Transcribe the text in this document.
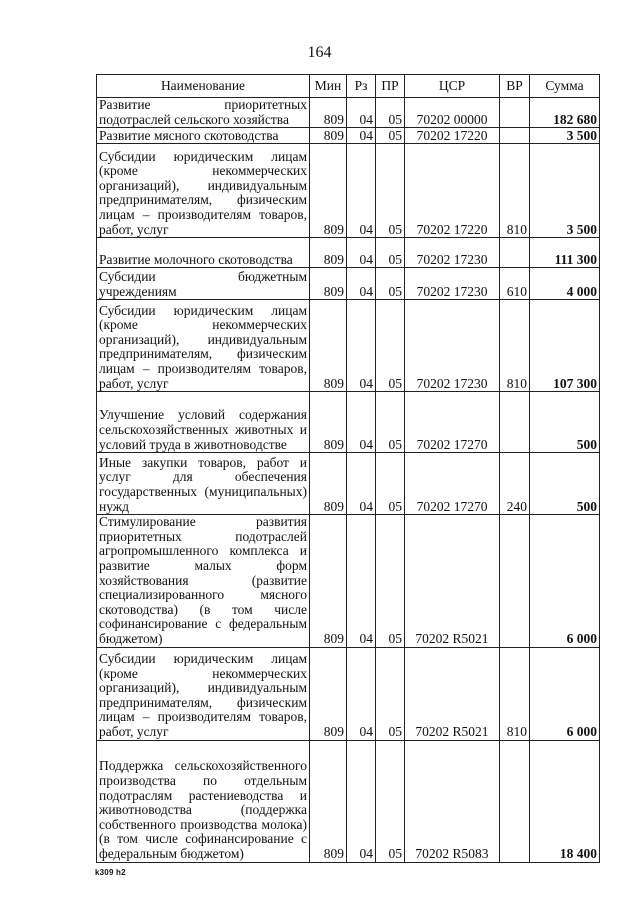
164
Наименование	Мин	Рз	ПР	ЦСР	ВР	Сумма
Развитие приоритетных подотраслей сельского хозяйства	809	04	05	70202 00000		182 680
Развитие мясного скотоводства	809	04	05	70202 17220		3 500
Субсидии юридическим лицам (кроме некоммерческих организаций), индивидуальным предпринимателям, физическим лицам – производителям товаров, работ, услуг	809	04	05	70202 17220	810	3 500
Развитие молочного скотоводства	809	04	05	70202 17230		111 300
Субсидии бюджетным учреждениям	809	04	05	70202 17230	610	4 000
Субсидии юридическим лицам (кроме некоммерческих организаций), индивидуальным предпринимателям, физическим лицам – производителям товаров, работ, услуг	809	04	05	70202 17230	810	107 300
Улучшение условий содержания сельскохозяйственных животных и условий труда в животноводстве	809	04	05	70202 17270		500
Иные закупки товаров, работ и услуг для обеспечения государственных (муниципальных) нужд	809	04	05	70202 17270	240	500
Стимулирование развития приоритетных подотраслей агропромышленного комплекса и развитие малых форм хозяйствования (развитие специализированного мясного скотоводства) (в том числе софинансирование с федеральным бюджетом)	809	04	05	70202 R5021		6 000
Субсидии юридическим лицам (кроме некоммерческих организаций), индивидуальным предпринимателям, физическим лицам – производителям товаров, работ, услуг	809	04	05	70202 R5021	810	6 000
Поддержка сельскохозяйственного производства по отдельным подотраслям растениеводства и животноводства (поддержка собственного производства молока) (в том числе софинансирование с федеральным бюджетом)	809	04	05	70202 R5083		18 400
k309 h2
